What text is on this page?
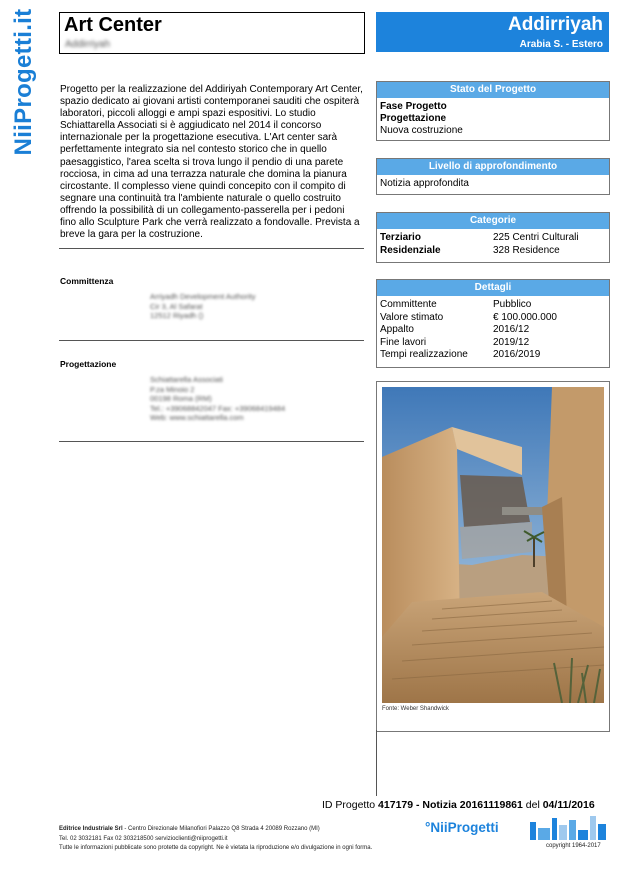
NiiProgetti.it Art Center
Addirriyah
Addirriyah
Arabia S. - Estero
Progetto per la realizzazione del Addiriyah Contemporary Art Center, spazio dedicato ai giovani artisti contemporanei sauditi che ospiterà laboratori, piccoli alloggi e ampi spazi espositivi. Lo studio Schiattarella Associati si è aggiudicato nel 2014 il concorso internazionale per la progettazione esecutiva. L'Art center sarà perfettamente integrato sia nel contesto storico che in quello paesaggistico, l'area scelta si trova lungo il pendio di una parete rocciosa, in cima ad una terrazza naturale che domina la pianura circostante. Il complesso viene quindi concepito con il compito di segnare una continuità tra l'ambiente naturale o quello costruito offrendo la possibilità di un collegamento-passerella per i pedoni fino allo Sculpture Park che verrà realizzato a fondovalle. Prevista a breve la gara per la costruzione.
Committenza
Arriyadh Development Authority
Cir 3, Al Safarat
12512 Riyadh ()
Progettazione
Schiattarella Associati
P.za Minoio 2
00198 Roma (RM)
Tel.: +39068842047 Fax: +39068419484
Web: www.schiattarella.com
Stato del Progetto
Fase Progetto
Progettazione
Nuova costruzione
Livello di approfondimento
Notizia approfondita
Categorie
Terziario	225 Centri Culturali
Residenziale	328 Residence
Dettagli
Committente	Pubblico
Valore stimato	€ 100.000.000
Appalto	2016/12
Fine lavori	2019/12
Tempi realizzazione	2016/2019
Fonte: Weber Shandwick
ID Progetto 417179 - Notizia 20161119861 del 04/11/2016
Editrice Industriale Srl - Centro Direzionale Milanofiori Palazzo Q8 Strada 4 20089 Rozzano (MI)
Tel. 02 3032181 Fax 02 3032185​00 servizioclienti@niiprogetti.it
Tutte le informazioni pubblicate sono protette da copyright. Ne è vietata la riproduzione e/o divulgazione in ogni forma.
°NiiProgetti
copyright 1964-2017
